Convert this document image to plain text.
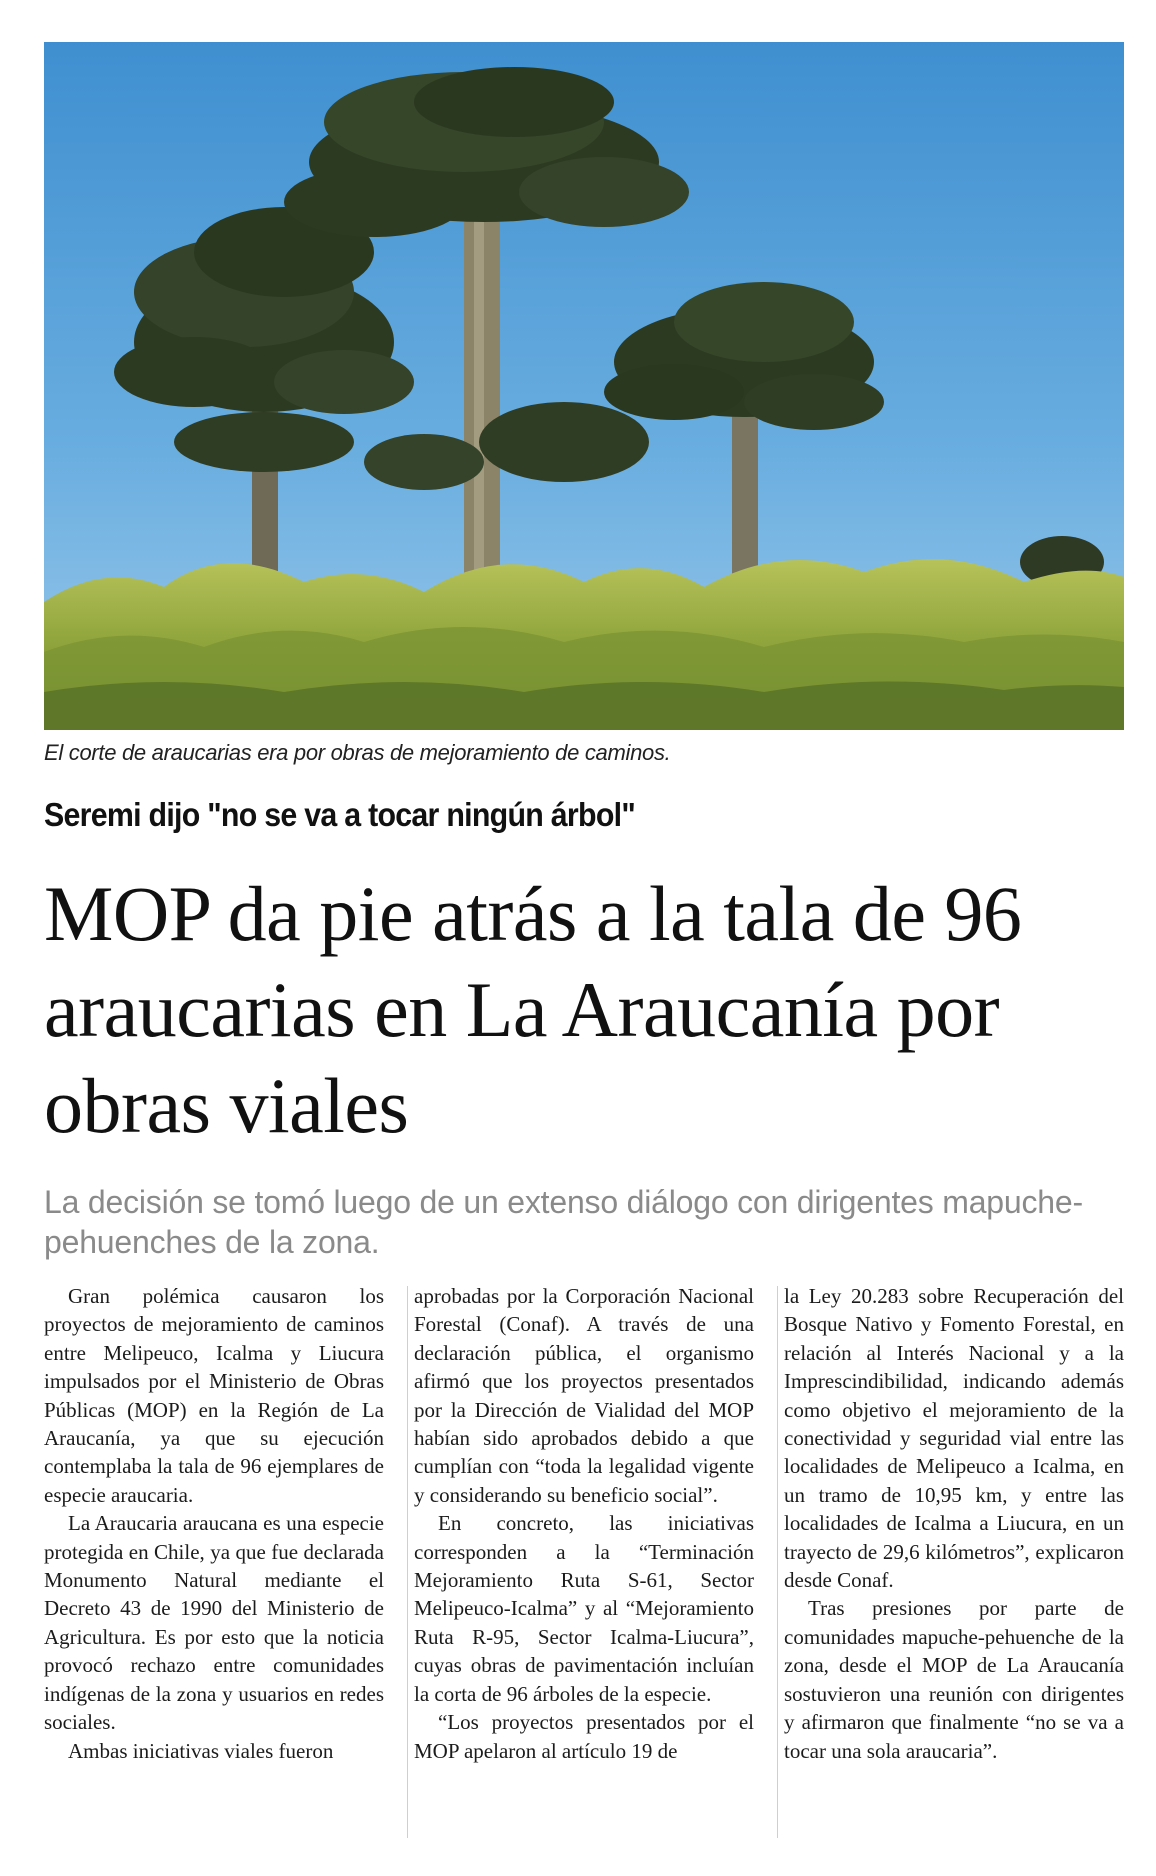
El corte de araucarias era por obras de mejoramiento de caminos.
Seremi dijo "no se va a tocar ningún árbol"
MOP da pie atrás a la tala de 96 araucarias en La Araucanía por obras viales
La decisión se tomó luego de un extenso diálogo con dirigentes mapuche-pehuenches de la zona.

Gran polémica causaron los proyectos de mejoramiento de caminos entre Melipeuco, Icalma y Liucura impulsados por el Ministerio de Obras Públicas (MOP) en la Región de La Araucanía, ya que su ejecución contemplaba la tala de 96 ejemplares de especie araucaria.

La Araucaria araucana es una especie protegida en Chile, ya que fue declarada Monumento Natural mediante el Decreto 43 de 1990 del Ministerio de Agricultura. Es por esto que la noticia provocó rechazo entre comunidades indígenas de la zona y usuarios en redes sociales.

Ambas iniciativas viales fueron

aprobadas por la Corporación Nacional Forestal (Conaf). A través de una declaración pública, el organismo afirmó que los proyectos presentados por la Dirección de Vialidad del MOP habían sido aprobados debido a que cumplían con “toda la legalidad vigente y considerando su beneficio social”.

En concreto, las iniciativas corresponden a la “Terminación Mejoramiento Ruta S-61, Sector Melipeuco-Icalma” y al “Mejoramiento Ruta R-95, Sector Icalma-Liucura”, cuyas obras de pavimentación incluían la corta de 96 árboles de la especie.

“Los proyectos presentados por el MOP apelaron al artículo 19 de

la Ley 20.283 sobre Recuperación del Bosque Nativo y Fomento Forestal, en relación al Interés Nacional y a la Imprescindibilidad, indicando además como objetivo el mejoramiento de la conectividad y seguridad vial entre las localidades de Melipeuco a Icalma, en un tramo de 10,95 km, y entre las localidades de Icalma a Liucura, en un trayecto de 29,6 kilómetros”, explicaron desde Conaf.

Tras presiones por parte de comunidades mapuche-pehuenche de la zona, desde el MOP de La Araucanía sostuvieron una reunión con dirigentes y afirmaron que finalmente “no se va a tocar una sola araucaria”.
